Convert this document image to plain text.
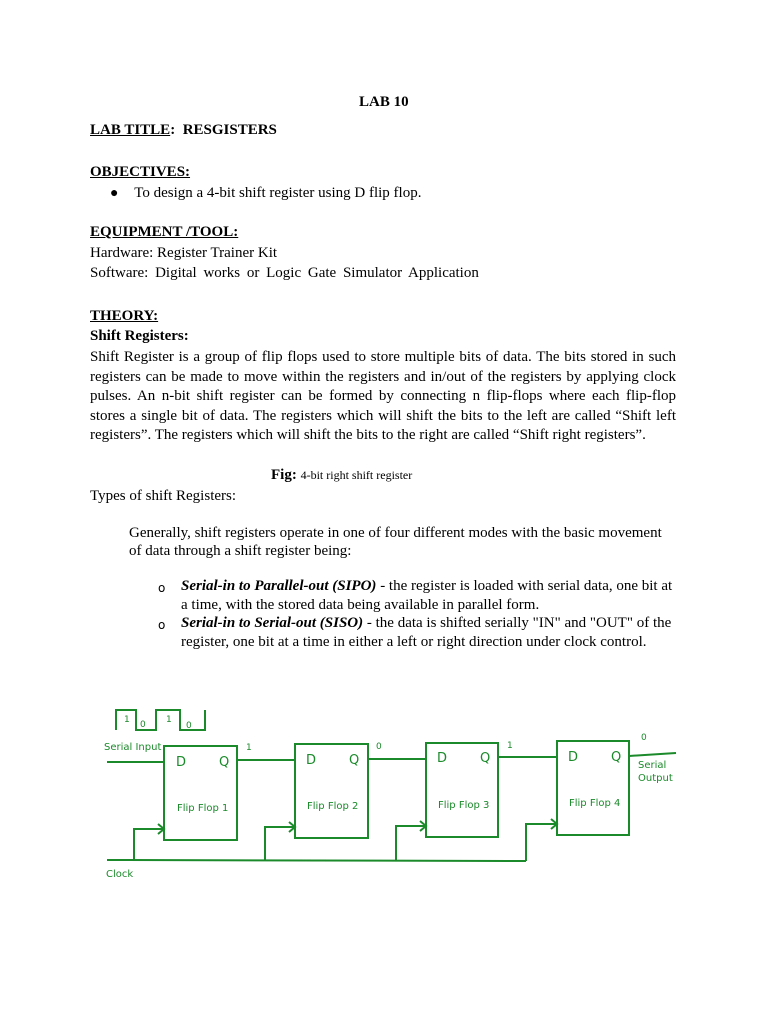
LAB 10
LAB TITLE:  RESGISTERS
OBJECTIVES:
● To design a 4-bit shift register using D flip flop.
EQUIPMENT /TOOL:
Hardware: Register Trainer Kit
Software: Digital works or Logic Gate Simulator Application
THEORY:
Shift Registers:
Shift Register is a group of flip flops used to store multiple bits of data. The bits stored in such
registers can be made to move within the registers and in/out of the registers by applying clock
pulses. An n-bit shift register can be formed by connecting n flip-flops where each flip-flop
stores a single bit of data. The registers which will shift the bits to the left are called “Shift left
registers”. The registers which will shift the bits to the right are called “Shift right registers”.
Fig: 4-bit right shift register
Types of shift Registers:
Generally, shift registers operate in one of four different modes with the basic movement
of data through a shift register being:
o Serial-in to Parallel-out (SIPO) - the register is loaded with serial data, one bit at
a time, with the stored data being available in parallel form.
o Serial-in to Serial-out (SISO) - the data is shifted serially "IN" and "OUT" of the
register, one bit at a time in either a left or right direction under clock control.
1 0 1
0
Serial Input
Clock
Serial
Output
1	0	1
0
D	Q	D	Q	D	Q	D	Q
Flip Flop 1	Flip Flop 2	Flip Flop 3	Flip Flop 4
